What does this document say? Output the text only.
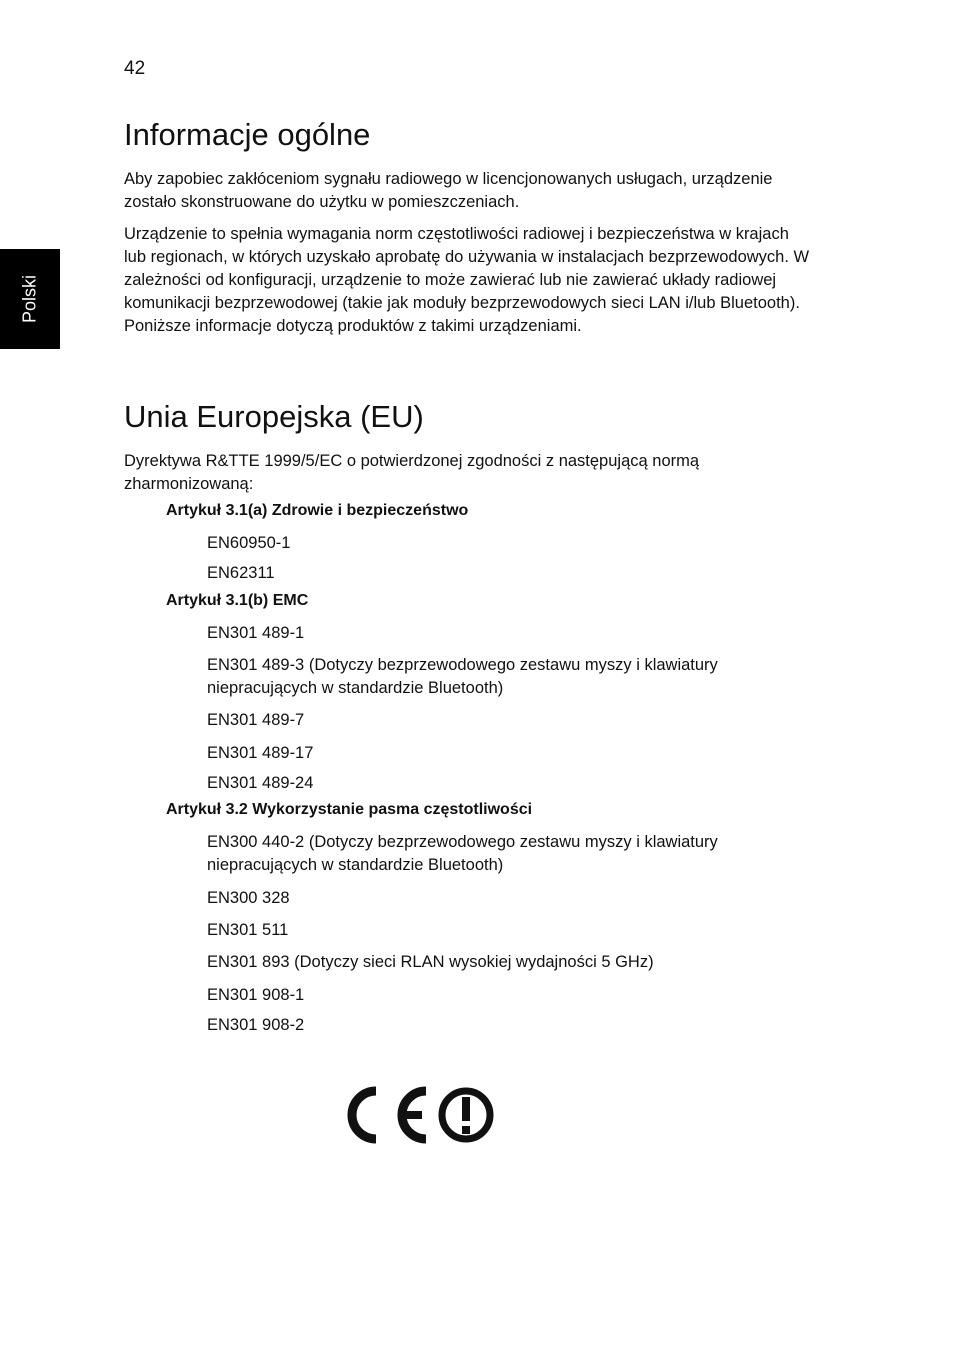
42
Polski
Informacje ogólne

Aby zapobiec zakłóceniom sygnału radiowego w licencjonowanych usługach, urządzenie zostało skonstruowane do użytku w pomieszczeniach.

Urządzenie to spełnia wymagania norm częstotliwości radiowej i bezpieczeństwa w krajach lub regionach, w których uzyskało aprobatę do używania w instalacjach bezprzewodowych. W zależności od konfiguracji, urządzenie to może zawierać lub nie zawierać układy radiowej komunikacji bezprzewodowej (takie jak moduły bezprzewodowych sieci LAN i/lub Bluetooth). Poniższe informacje dotyczą produktów z takimi urządzeniami.

Unia Europejska (EU)

Dyrektywa R&TTE 1999/5/EC o potwierdzonej zgodności z następującą normą zharmonizowaną:

Artykuł 3.1(a) Zdrowie i bezpieczeństwo

EN60950-1

EN62311

Artykuł 3.1(b) EMC

EN301 489-1

EN301 489-3 (Dotyczy bezprzewodowego zestawu myszy i klawiatury niepracujących w standardzie Bluetooth)

EN301 489-7

EN301 489-17

EN301 489-24

Artykuł 3.2 Wykorzystanie pasma częstotliwości

EN300 440-2 (Dotyczy bezprzewodowego zestawu myszy i klawiatury niepracujących w standardzie Bluetooth)

EN300 328

EN301 511

EN301 893 (Dotyczy sieci RLAN wysokiej wydajności 5 GHz)

EN301 908-1

EN301 908-2
